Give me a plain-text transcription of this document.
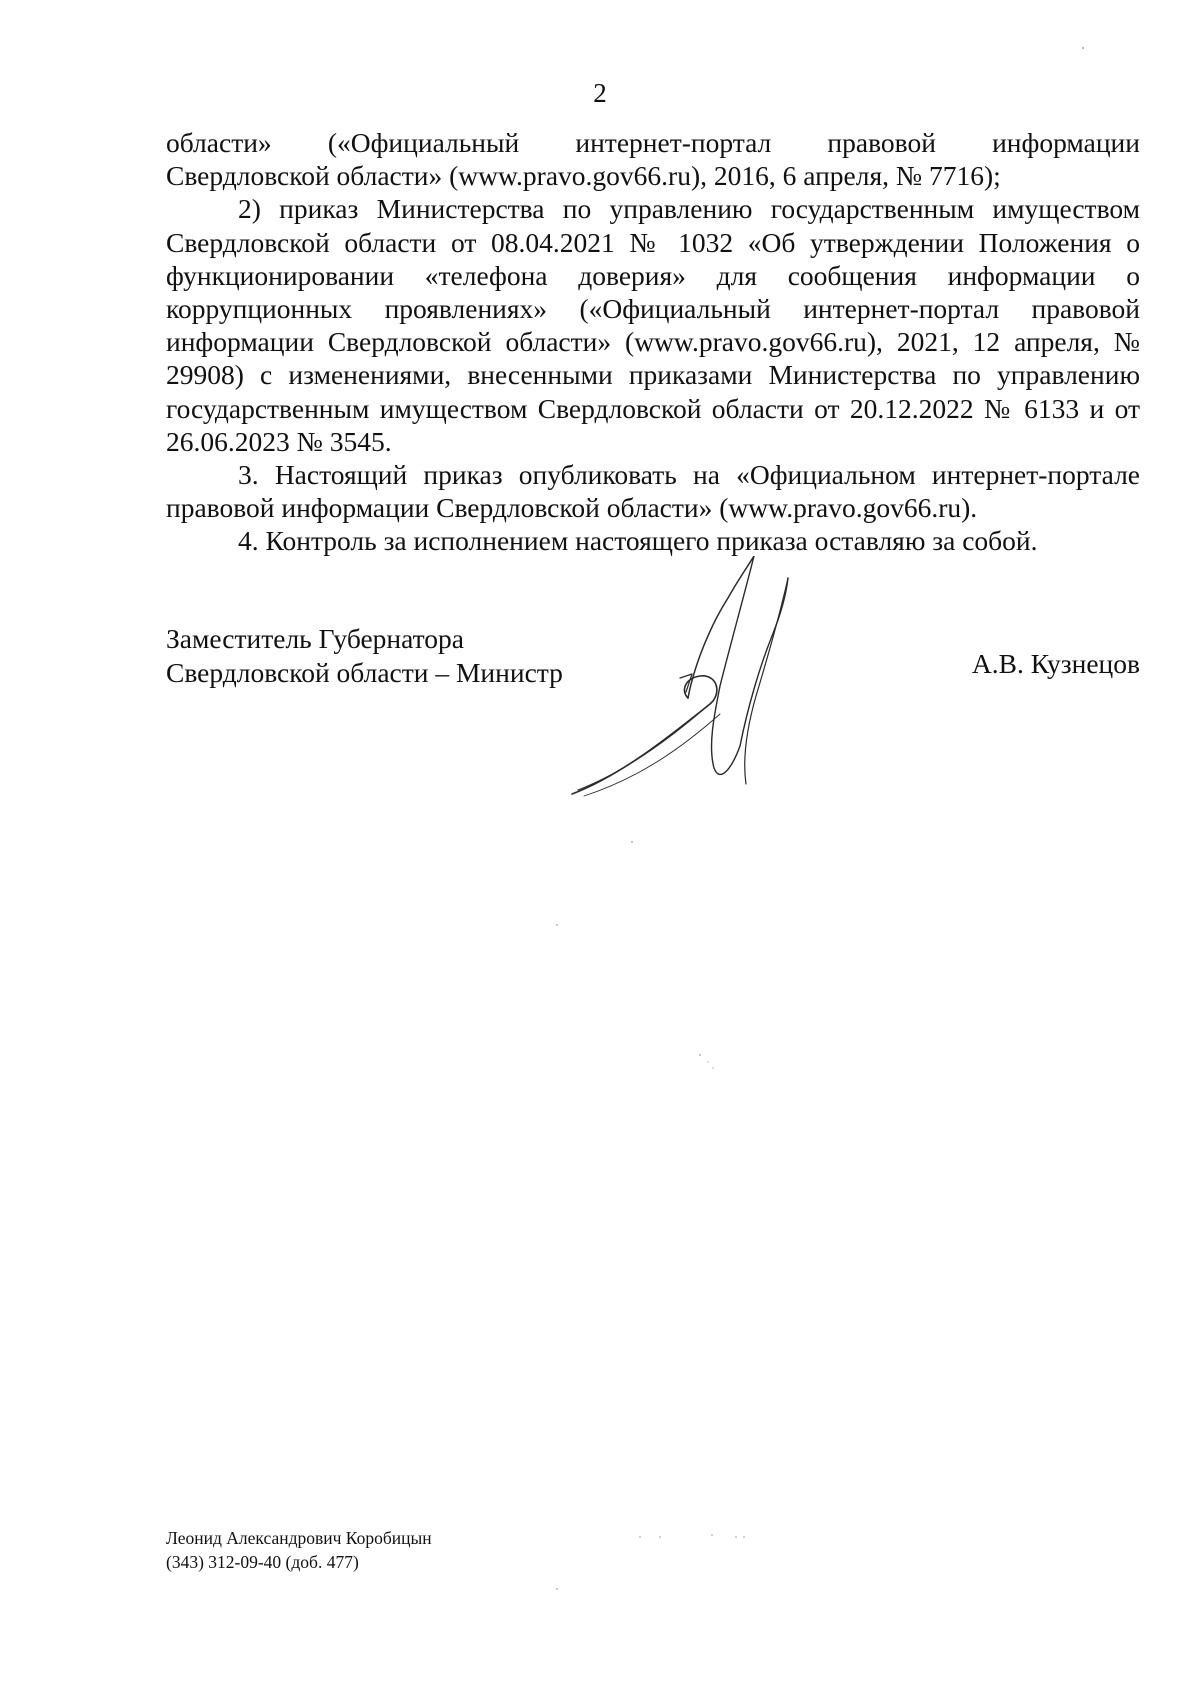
2

области» («Официальный интернет-портал правовой информации
Свердловской области» (www.pravo.gov66.ru), 2016, 6 апреля, № 7716);

2) приказ Министерства по управлению государственным имуществом Свердловской области от 08.04.2021 № 1032 «Об утверждении Положения о функционировании «телефона доверия» для сообщения информации о коррупционных проявлениях» («Официальный интернет-портал правовой информации Свердловской области» (www.pravo.gov66.ru), 2021, 12 апреля, № 29908) с изменениями, внесенными приказами Министерства по управлению государственным имуществом Свердловской области от 20.12.2022 № 6133 и от 26.06.2023 № 3545.

3. Настоящий приказ опубликовать на «Официальном интернет-портале правовой информации Свердловской области» (www.pravo.gov66.ru).

4. Контроль за исполнением настоящего приказа оставляю за собой.

Заместитель Губернатора
Свердловской области – Министр	А.В. Кузнецов
Леонид Александрович Коробицын
(343) 312-09-40 (доб. 477)
